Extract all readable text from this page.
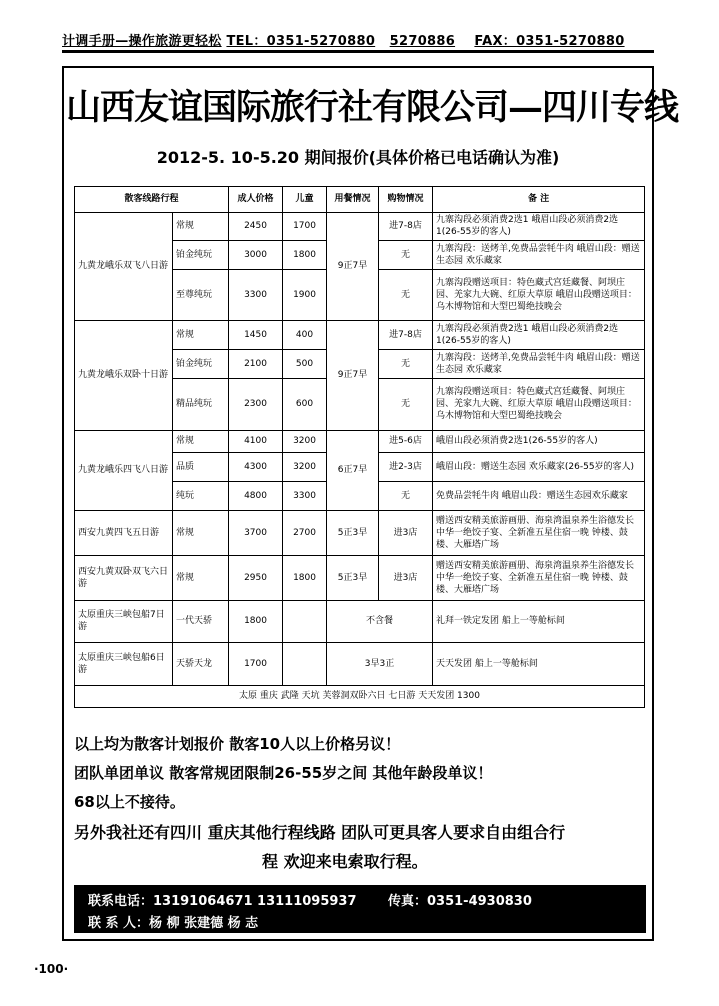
计调手册—操作旅游更轻松 TEL：0351-5270880 5270886 FAX：0351-5270880
山西友谊国际旅行社有限公司—四川专线
2012-5. 10-5.20 期间报价(具体价格已电话确认为准)
散客线路行程		成人价格	儿童	用餐情况	购物情况	备 注
九黄龙峨乐双飞八日游	常规	2450	1700	9正7早	进7-8店	九寨沟段必须消费2选1 峨眉山段必须消费2选1(26-55岁的客人)
	铂金纯玩	3000	1800		无	九寨沟段：送烤羊,免费品尝牦牛肉 峨眉山段：赠送生态园 欢乐藏家
	至尊纯玩	3300	1900		无	九寨沟段赠送项目：特色藏式宫廷藏餐、阿坝庄园、羌家九大碗、红原大草原 峨眉山段赠送项目：乌木博物馆和大型巴蜀绝技晚会
九黄龙峨乐双卧十日游	常规	1450	400	9正7早	进7-8店	九寨沟段必须消费2选1 峨眉山段必须消费2选1(26-55岁的客人)
	铂金纯玩	2100	500		无	九寨沟段：送烤羊,免费品尝牦牛肉 峨眉山段：赠送生态园 欢乐藏家
	精品纯玩	2300	600		无	九寨沟段赠送项目：特色藏式宫廷藏餐、阿坝庄园、羌家九大碗、红原大草原 峨眉山段赠送项目：乌木博物馆和大型巴蜀绝技晚会
九黄龙峨乐四飞八日游	常规	4100	3200	6正7早	进5-6店	峨眉山段必须消费2选1(26-55岁的客人)
	品质	4300	3200		进2-3店	峨眉山段：赠送生态园 欢乐藏家(26-55岁的客人)
	纯玩	4800	3300		无	免费品尝牦牛肉 峨眉山段：赠送生态园欢乐藏家
西安九黄四飞五日游	常规	3700	2700	5正3早	进3店	赠送西安精美旅游画册、海泉湾温泉养生浴德发长中华一绝饺子宴、全新准五星住宿一晚 钟楼、鼓楼、大雁塔广场
西安九黄双卧双飞六日游	常规	2950	1800	5正3早	进3店	赠送西安精美旅游画册、海泉湾温泉养生浴德发长中华一绝饺子宴、全新准五星住宿一晚 钟楼、鼓楼、大雁塔广场
太原重庆三峡包船7日游	一代天骄	1800		不含餐		礼拜一铁定发团 船上一等舱标间
太原重庆三峡包船6日游	天骄天龙	1700		3早3正		天天发团 船上一等舱标间
太原 重庆 武隆 天坑 芙蓉洞双卧六日 七日游 天天发团 1300						
以上均为散客计划报价 散客10人以上价格另议！
团队单团单议 散客常规团限制26-55岁之间 其他年龄段单议！
68以上不接待。
另外我社还有四川 重庆其他行程线路 团队可更具客人要求自由组合行
程 欢迎来电索取行程。
联系电话：13191064671 13111095937 传真：0351-4930830
联 系 人：杨 柳 张建德 杨 志
·100·
